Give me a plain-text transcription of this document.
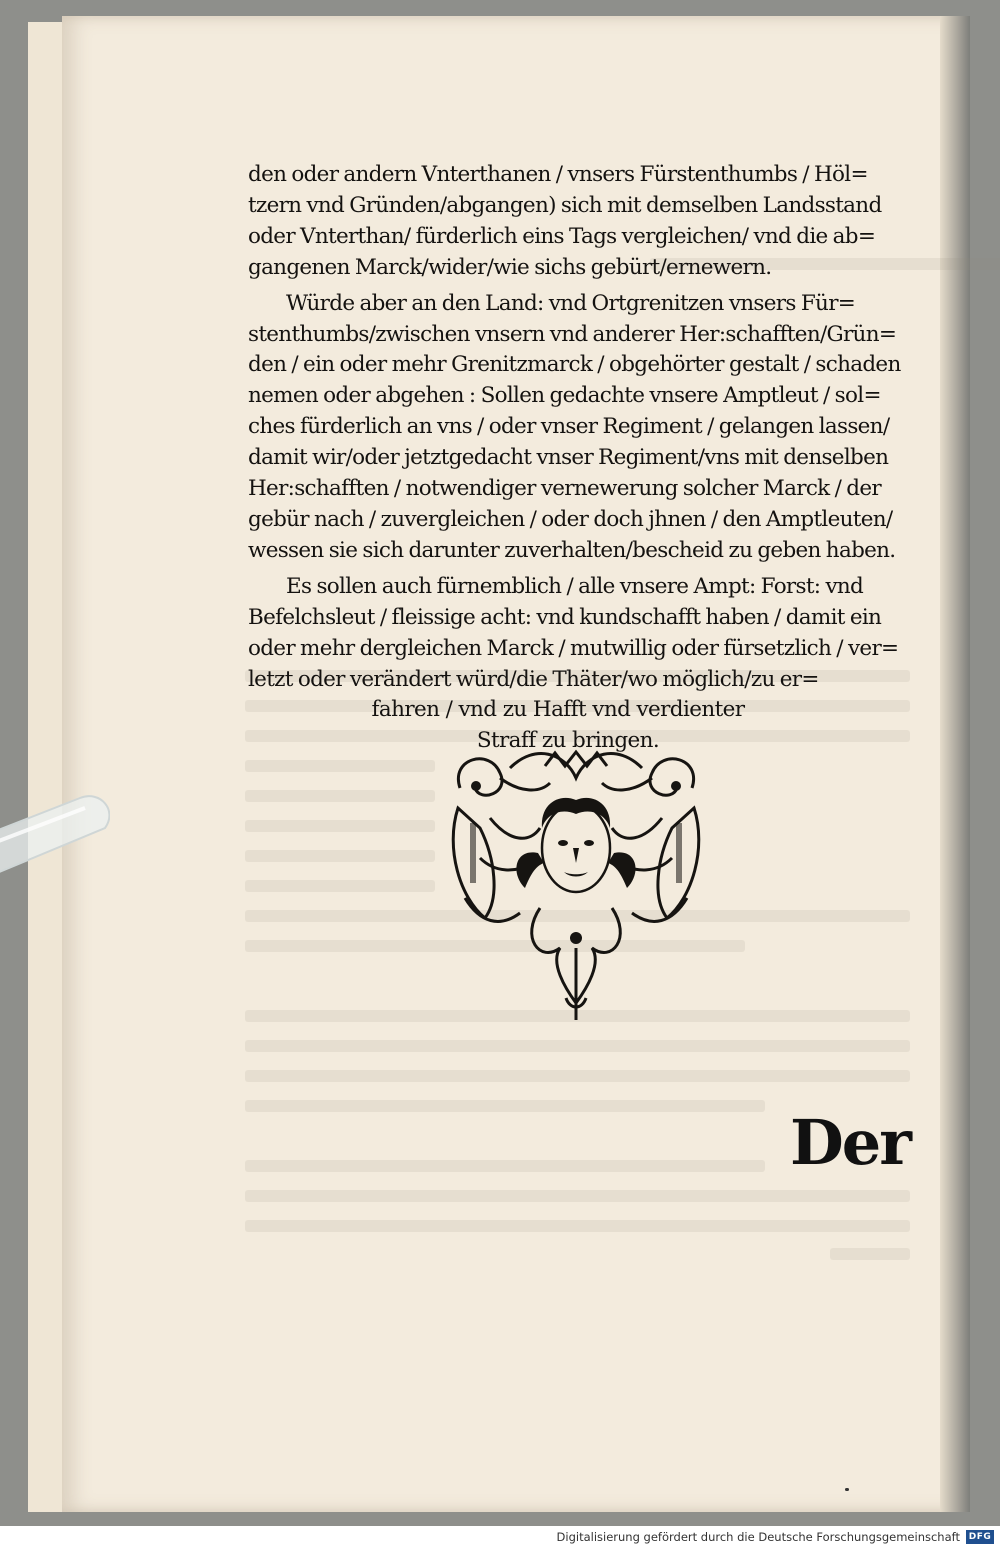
den oder andern Vnterthanen / vnsers Fürstenthumbs / Höl=
tzern vnd Gründen/abgangen) sich mit demselben Landsstand
oder Vnterthan/ fürderlich eins Tags vergleichen/ vnd die ab=
gangenen Marck/wider/wie sichs gebürt/ernewern.

Würde aber an den Land: vnd Ortgrenitzen vnsers Für=
stenthumbs/zwischen vnsern vnd anderer Her:schafften/Grün=
den / ein oder mehr Grenitzmarck / obgehörter gestalt / schaden
nemen oder abgehen : Sollen gedachte vnsere Amptleut / sol=
ches fürderlich an vns / oder vnser Regiment / gelangen lassen/
damit wir/oder jetztgedacht vnser Regiment/vns mit denselben
Her:schafften / notwendiger vernewerung solcher Marck / der
gebür nach / zuvergleichen / oder doch jhnen / den Amptleuten/
wessen sie sich darunter zuverhalten/bescheid zu geben haben.

Es sollen auch fürnemblich / alle vnsere Ampt: Forst: vnd
Befelchsleut / fleissige acht: vnd kundschafft haben / damit ein
oder mehr dergleichen Marck / mutwillig oder fürsetzlich / ver=
letzt oder verändert würd/die Thäter/wo möglich/zu er=
fahren / vnd zu Hafft vnd verdienter
Straff zu bringen.

Der
Digitalisierung gefördert durch die Deutsche Forschungsgemeinschaft DFG
